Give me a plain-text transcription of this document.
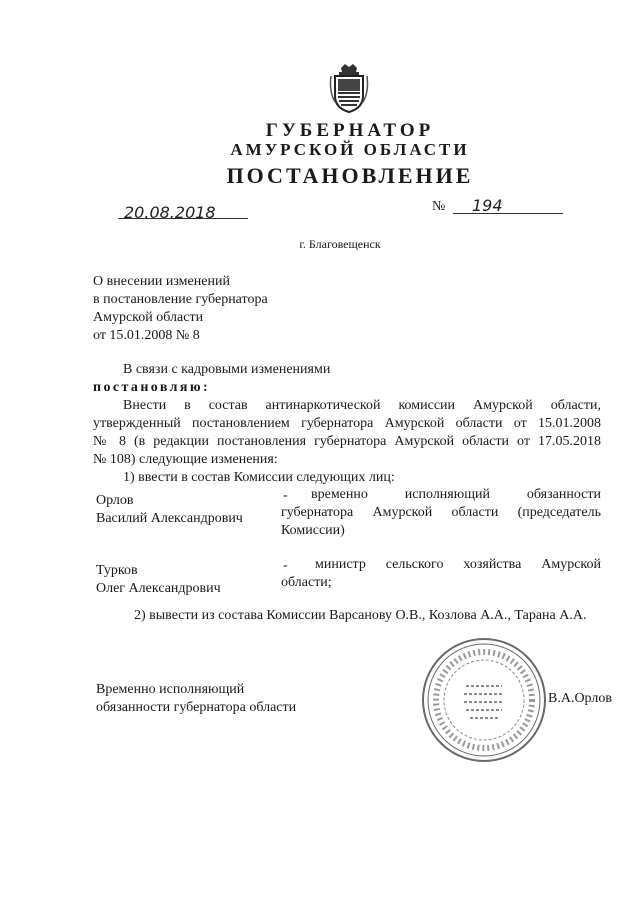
ГУБЕРНАТОР
АМУРСКОЙ ОБЛАСТИ
ПОСТАНОВЛЕНИЕ
20.08.2018	№ 194
г. Благовещенск
О внесении изменений
в постановление губернатора
Амурской области
от 15.01.2008 № 8
В связи с кадровыми изменениями
постановляю:
Внести в состав антинаркотической комиссии Амурской области,
утвержденный постановлением губернатора Амурской области от 15.01.2008
№ 8 (в редакции постановления губернатора Амурской области от 17.05.2018
№ 108) следующие изменения:
1) ввести в состав Комиссии следующих лиц:
Орлов
Василий Александрович
-	временно исполняющий обязанности
губернатора Амурской области (председатель
Комиссии)
Турков
Олег Александрович
-	министр сельского хозяйства Амурской
области;
2) вывести из состава Комиссии Варсанову О.В., Козлова А.А., Тарана А.А.
Временно исполняющий
обязанности губернатора области
В.А.Орлов
